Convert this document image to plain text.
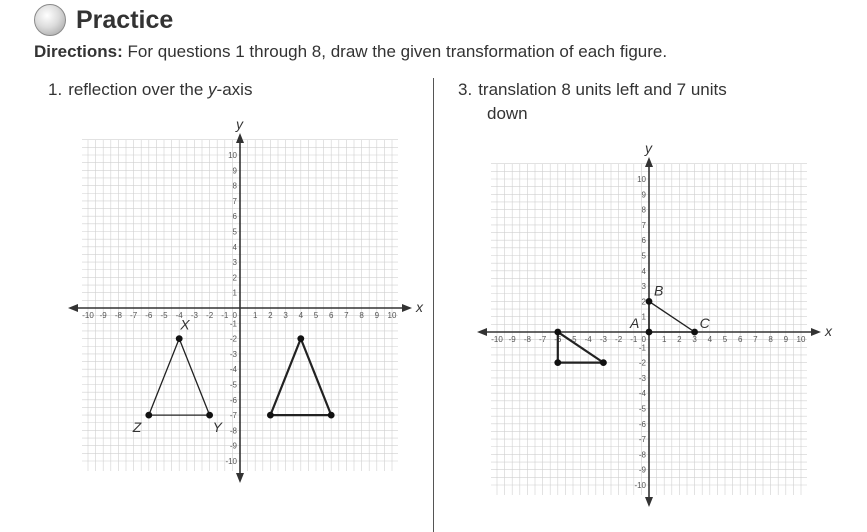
Practice
Directions: For questions 1 through 8, draw the given transformation of each figure.
1. reflection over the y-axis	3. translation 8 units left and 7 units
down
x
y
-10
-10
-9
-9
-8
-8
-7
-7
-6
-6
-5
-5
-4
-4
-3
-3
-2
-2
-1
-1
1
1
2
2
3
3
4
4
5
5
6
6
7
7
8
8
9
9
10
10
0
X
Y
Z
x
y
-10
-10
-9
-9
-8
-8
-7
-7
-6
-6
-5
-5
-4
-4
-3
-3
-2
-2
-1
-1
1
1
2
2
3
3
4
4
5
5
6
6
7
7
8
8
9
9
10
10
0
A
B
C
